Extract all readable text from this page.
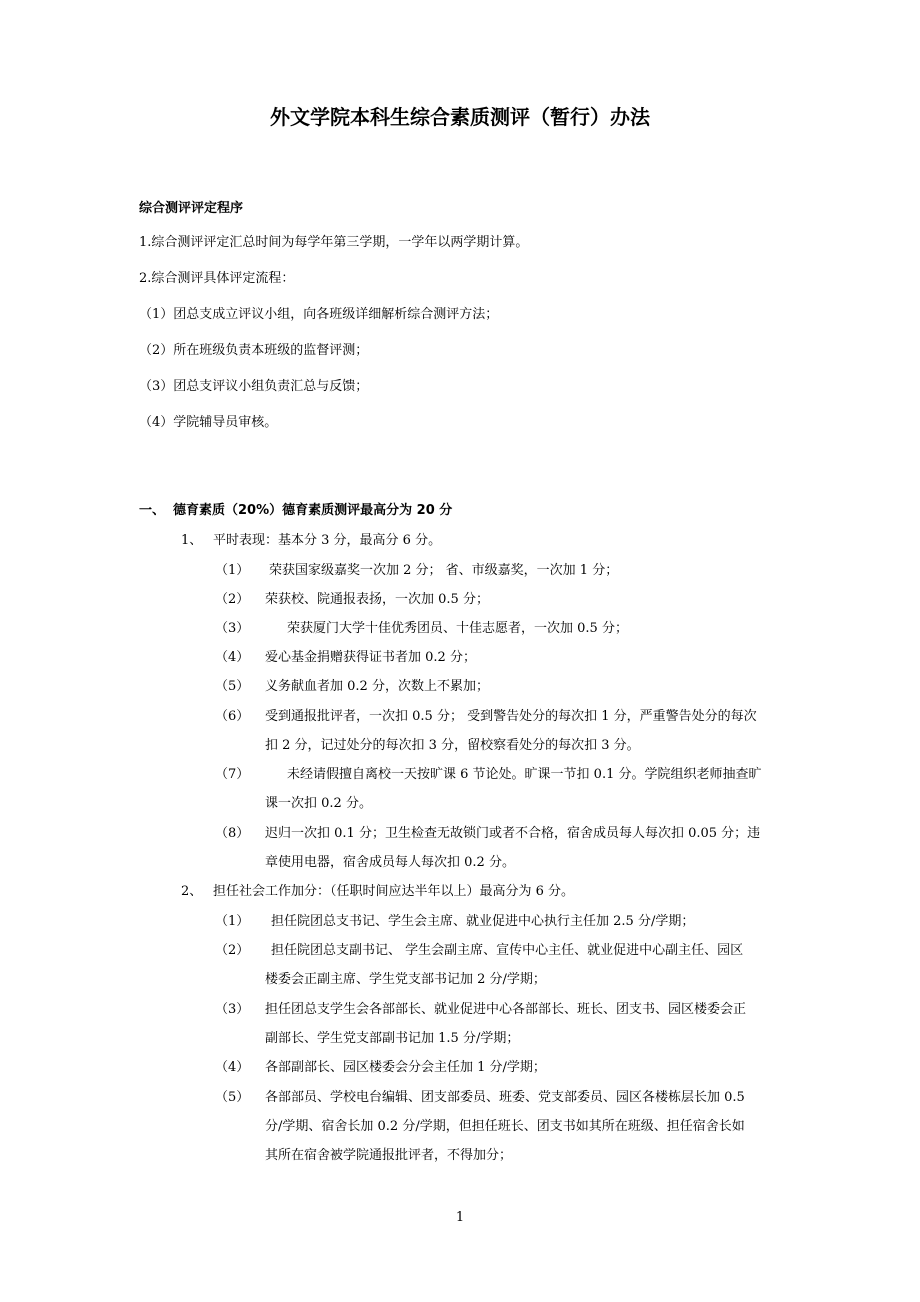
外文学院本科生综合素质测评（暂行）办法
综合测评评定程序
1.综合测评评定汇总时间为每学年第三学期，一学年以两学期计算。
2.综合测评具体评定流程：
（1）团总支成立评议小组，向各班级详细解析综合测评方法；
（2）所在班级负责本班级的监督评测；
（3）团总支评议小组负责汇总与反馈；
（4）学院辅导员审核。
一、 德育素质（20%）德育素质测评最高分为 20 分
1、 平时表现：基本分 3 分，最高分 6 分。
（1） 荣获国家级嘉奖一次加 2 分； 省、市级嘉奖，一次加 1 分；
（2） 荣获校、院通报表扬，一次加 0.5 分；
（3）	荣获厦门大学十佳优秀团员、十佳志愿者，一次加 0.5 分；
（4） 爱心基金捐赠获得证书者加 0.2 分；
（5） 义务献血者加 0.2 分，次数上不累加；
（6） 受到通报批评者，一次扣 0.5 分； 受到警告处分的每次扣 1 分，严重警告处分的每次
扣 2 分，记过处分的每次扣 3 分，留校察看处分的每次扣 3 分。
（7）	未经请假擅自离校一天按旷课 6 节论处。旷课一节扣 0.1 分。学院组织老师抽查旷
课一次扣 0.2 分。
（8） 迟归一次扣 0.1 分；卫生检查无故锁门或者不合格，宿舍成员每人每次扣 0.05 分；违
章使用电器，宿舍成员每人每次扣 0.2 分。
2、 担任社会工作加分：（任职时间应达半年以上）最高分为 6 分。
（1） 担任院团总支书记、学生会主席、就业促进中心执行主任加 2.5 分/学期；
（2） 担任院团总支副书记、 学生会副主席、宣传中心主任、就业促进中心副主任、园区
楼委会正副主席、学生党支部书记加 2 分/学期；
（3） 担任团总支学生会各部部长、就业促进中心各部部长、班长、团支书、园区楼委会正
副部长、学生党支部副书记加 1.5 分/学期；
（4） 各部副部长、园区楼委会分会主任加 1 分/学期；
（5） 各部部员、学校电台编辑、团支部委员、班委、党支部委员、园区各楼栋层长加 0.5
分/学期、宿舍长加 0.2 分/学期，但担任班长、团支书如其所在班级、担任宿舍长如
其所在宿舍被学院通报批评者，不得加分；
1
